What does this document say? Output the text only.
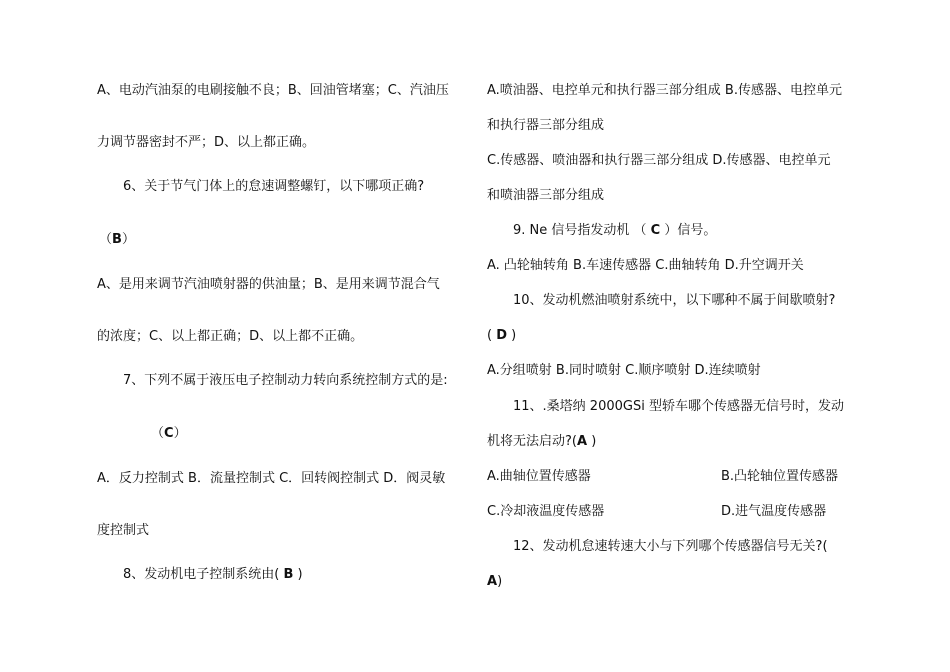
A、电动汽油泵的电刷接触不良；B、回油管堵塞；C、汽油压
力调节器密封不严；D、以上都正确。
6、关于节气门体上的怠速调整螺钉，以下哪项正确?
（B）
A、是用来调节汽油喷射器的供油量；B、是用来调节混合气
的浓度；C、以上都正确；D、以上都不正确。
7、下列不属于液压电子控制动力转向系统控制方式的是:
（C）
A．反力控制式 B．流量控制式 C．回转阀控制式 D．阀灵敏
度控制式
8、发动机电子控制系统由( B )
A.喷油器、电控单元和执行器三部分组成 B.传感器、电控单元
和执行器三部分组成
C.传感器、喷油器和执行器三部分组成 D.传感器、电控单元
和喷油器三部分组成
9. Ne 信号指发动机 （ C ）信号。
A. 凸轮轴转角 B.车速传感器 C.曲轴转角 D.升空调开关
10、发动机燃油喷射系统中，以下哪种不属于间歇喷射?
( D )
A.分组喷射 B.同时喷射 C.顺序喷射 D.连续喷射
11、.桑塔纳 2000GSi 型轿车哪个传感器无信号时，发动
机将无法启动?(A )
A.曲轴位置传感器	B.凸轮轴位置传感器
C.冷却液温度传感器	D.进气温度传感器
12、发动机怠速转速大小与下列哪个传感器信号无关?(
A)
